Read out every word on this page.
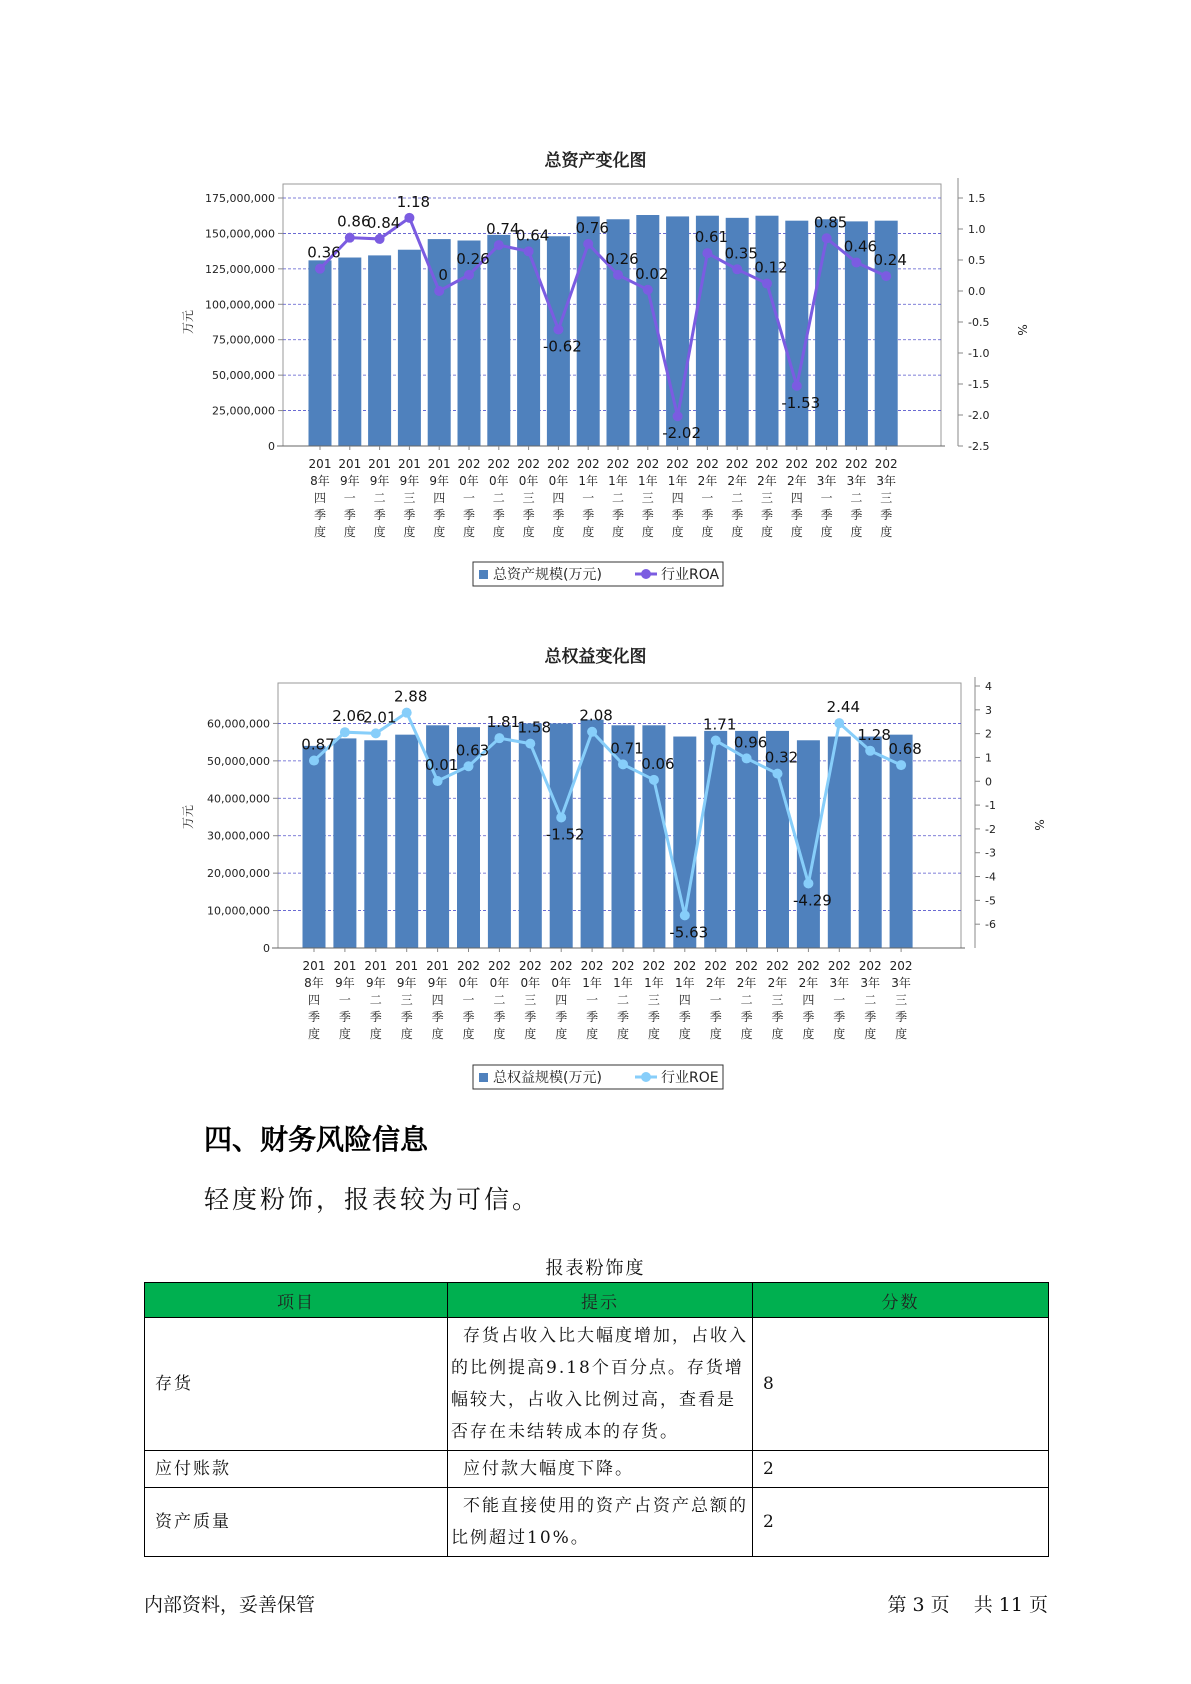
总资产变化图
175,000,000
150,000,000
125,000,000
100,000,000
75,000,000
50,000,000
25,000,000
0
万元
1.5
1.0
0.5
0.0
-0.5
-1.0
-1.5
-2.0
-2.5
%
201 8年四季度
201 9年一季度
201 9年二季度
201 9年三季度
201 9年四季度
202 0年一季度
202 0年二季度
202 0年三季度
202 0年四季度
202 1年一季度
202 1年二季度
202 1年三季度
202 1年四季度
202 2年一季度
202 2年二季度
202 2年三季度
202 2年四季度
202 3年一季度
202 3年二季度
202 3年三季度
0.36
0.86
0.84
1.18
0
0.26
0.74
0.64
-0.62
0.76
0.26
0.02
-2.02
0.61
0.35
0.12
-1.53
0.85
0.46
0.24
总资产规模(万元)	行业ROA
总权益变化图
60,000,000
50,000,000
40,000,000
30,000,000
20,000,000
10,000,000
0
万元
4
3
2
1
0
-1
-2
-3
-4
-5
-6
%
201 8年四季度
201 9年一季度
201 9年二季度
201 9年三季度
201 9年四季度
202 0年一季度
202 0年二季度
202 0年三季度
202 0年四季度
202 1年一季度
202 1年二季度
202 1年三季度
202 1年四季度
202 2年一季度
202 2年二季度
202 2年三季度
202 2年四季度
202 3年一季度
202 3年二季度
202 3年三季度
0.87
2.06
2.01
2.88
0.01
0.63
1.81
1.58
-1.52
2.08
0.71
0.06
-5.63
1.71
0.96
0.32
-4.29
2.44
1.28
0.68
总权益规模(万元)	行业ROE
四、财务风险信息
轻度粉饰，报表较为可信。
报表粉饰度
项目	提示	分数
存货	存货占收入比大幅度增加，占收入的比例提高9.18个百分点。存货增幅较大，占收入比例过高，查看是否存在未结转成本的存货。	8
应付账款	应付款大幅度下降。	2
资产质量	不能直接使用的资产占资产总额的比例超过10%。	2
内部资料，妥善保管	第 3 页 共 11 页
